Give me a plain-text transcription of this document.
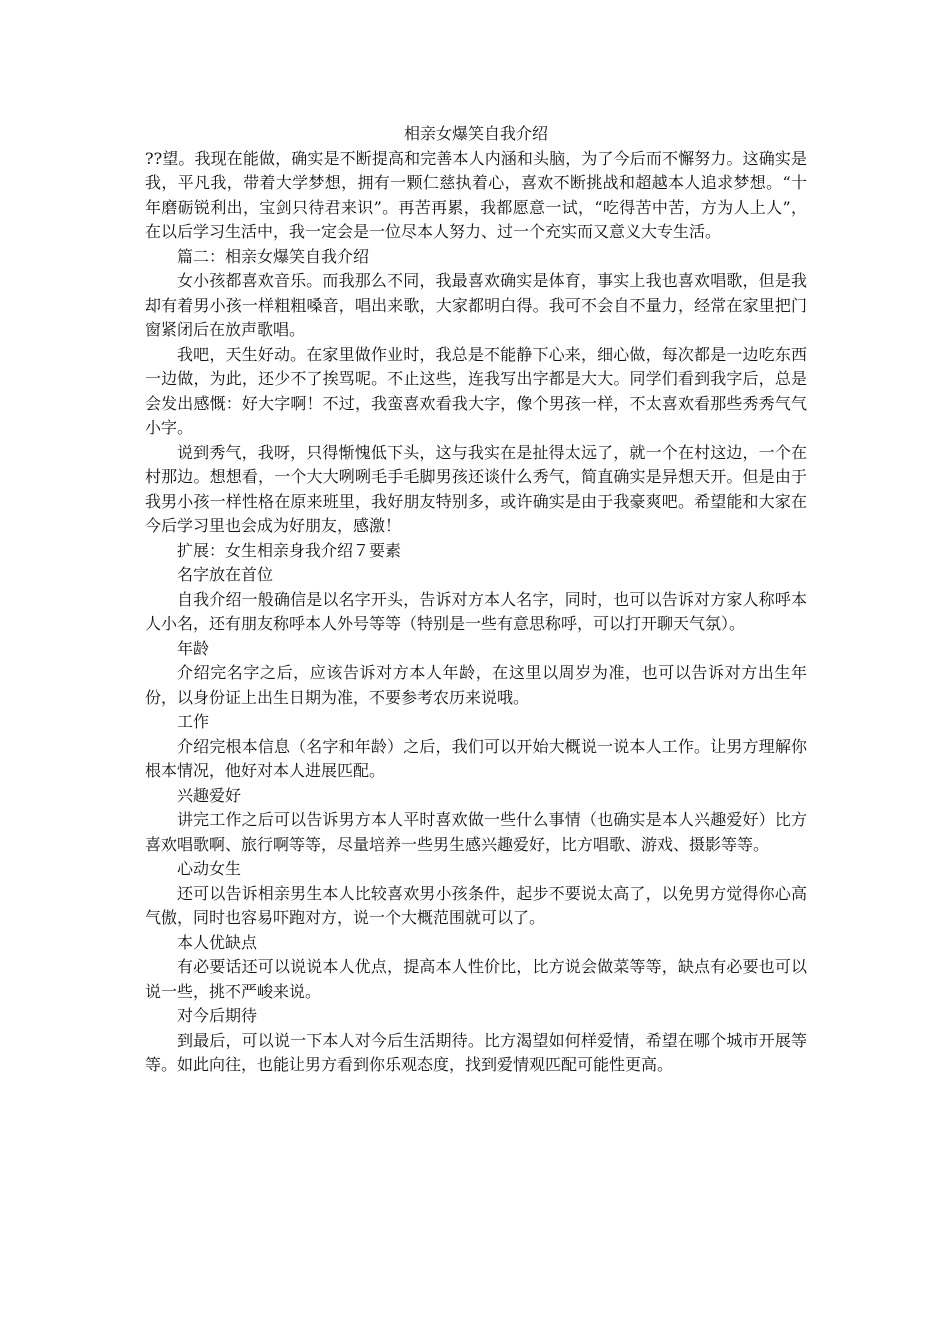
相亲女爆笑自我介绍

??望。我现在能做，确实是不断提高和完善本人内涵和头脑，为了今后而不懈努力。这确实是我，平凡我，带着大学梦想，拥有一颗仁慈执着心，喜欢不断挑战和超越本人追求梦想。“十年磨砺锐利出，宝剑只待君来识”。再苦再累，我都愿意一试，“吃得苦中苦，方为人上人”，在以后学习生活中，我一定会是一位尽本人努力、过一个充实而又意义大专生活。

篇二：相亲女爆笑自我介绍

女小孩都喜欢音乐。而我那么不同，我最喜欢确实是体育，事实上我也喜欢唱歌，但是我却有着男小孩一样粗粗嗓音，唱出来歌，大家都明白得。我可不会自不量力，经常在家里把门窗紧闭后在放声歌唱。

我吧，天生好动。在家里做作业时，我总是不能静下心来，细心做，每次都是一边吃东西一边做，为此，还少不了挨骂呢。不止这些，连我写出字都是大大。同学们看到我字后，总是会发出感慨：好大字啊！不过，我蛮喜欢看我大字，像个男孩一样，不太喜欢看那些秀秀气气小字。

说到秀气，我呀，只得惭愧低下头，这与我实在是扯得太远了，就一个在村这边，一个在村那边。想想看，一个大大咧咧毛手毛脚男孩还谈什么秀气，简直确实是异想天开。但是由于我男小孩一样性格在原来班里，我好朋友特别多，或许确实是由于我豪爽吧。希望能和大家在今后学习里也会成为好朋友，感激！

扩展：女生相亲身我介绍７要素

名字放在首位

自我介绍一般确信是以名字开头，告诉对方本人名字，同时，也可以告诉对方家人称呼本人小名，还有朋友称呼本人外号等等（特别是一些有意思称呼，可以打开聊天气氛）。

年龄

介绍完名字之后，应该告诉对方本人年龄，在这里以周岁为准，也可以告诉对方出生年份，以身份证上出生日期为准，不要参考农历来说哦。

工作

介绍完根本信息（名字和年龄）之后，我们可以开始大概说一说本人工作。让男方理解你根本情况，他好对本人进展匹配。

兴趣爱好

讲完工作之后可以告诉男方本人平时喜欢做一些什么事情（也确实是本人兴趣爱好）比方喜欢唱歌啊、旅行啊等等，尽量培养一些男生感兴趣爱好，比方唱歌、游戏、摄影等等。

心动女生

还可以告诉相亲男生本人比较喜欢男小孩条件，起步不要说太高了，以免男方觉得你心高气傲，同时也容易吓跑对方，说一个大概范围就可以了。

本人优缺点

有必要话还可以说说本人优点，提高本人性价比，比方说会做菜等等，缺点有必要也可以说一些，挑不严峻来说。

对今后期待

到最后，可以说一下本人对今后生活期待。比方渴望如何样爱情，希望在哪个城市开展等等。如此向往，也能让男方看到你乐观态度，找到爱情观匹配可能性更高。
